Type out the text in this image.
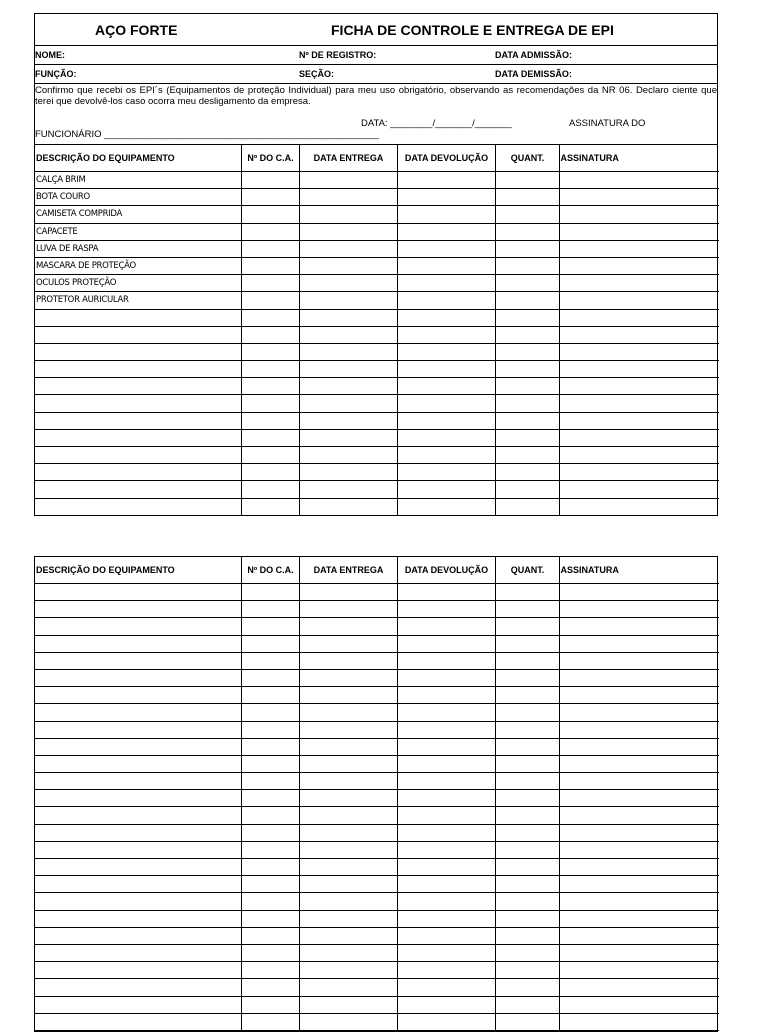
AÇO FORTE	FICHA DE CONTROLE E ENTREGA DE EPI
NOME:	Nº DE REGISTRO:	DATA ADMISSÃO:
FUNÇÃO:	SEÇÃO:	DATA DEMISSÃO:
Confirmo que recebi os EPI´s (Equipamentos de proteção Individual) para meu uso obrigatório, observando as recomendações da NR 06. Declaro ciente que terei que devolvê-los caso ocorra meu desligamento da empresa.
DATA: ________/_______/_______	ASSINATURA DO
FUNCIONÁRIO ____________________________________________________
DESCRIÇÃO DO EQUIPAMENTO	Nº DO C.A.	DATA ENTREGA	DATA DEVOLUÇÃO	QUANT.	ASSINATURA
CALÇA BRIM					
BOTA COURO					
CAMISETA COMPRIDA					
CAPACETE					
LUVA DE RASPA					
MASCARA DE PROTEÇÃO					
OCULOS PROTEÇÃO					
PROTETOR AURICULAR					

DESCRIÇÃO DO EQUIPAMENTO	Nº DO C.A.	DATA ENTREGA	DATA DEVOLUÇÃO	QUANT.	ASSINATURA
